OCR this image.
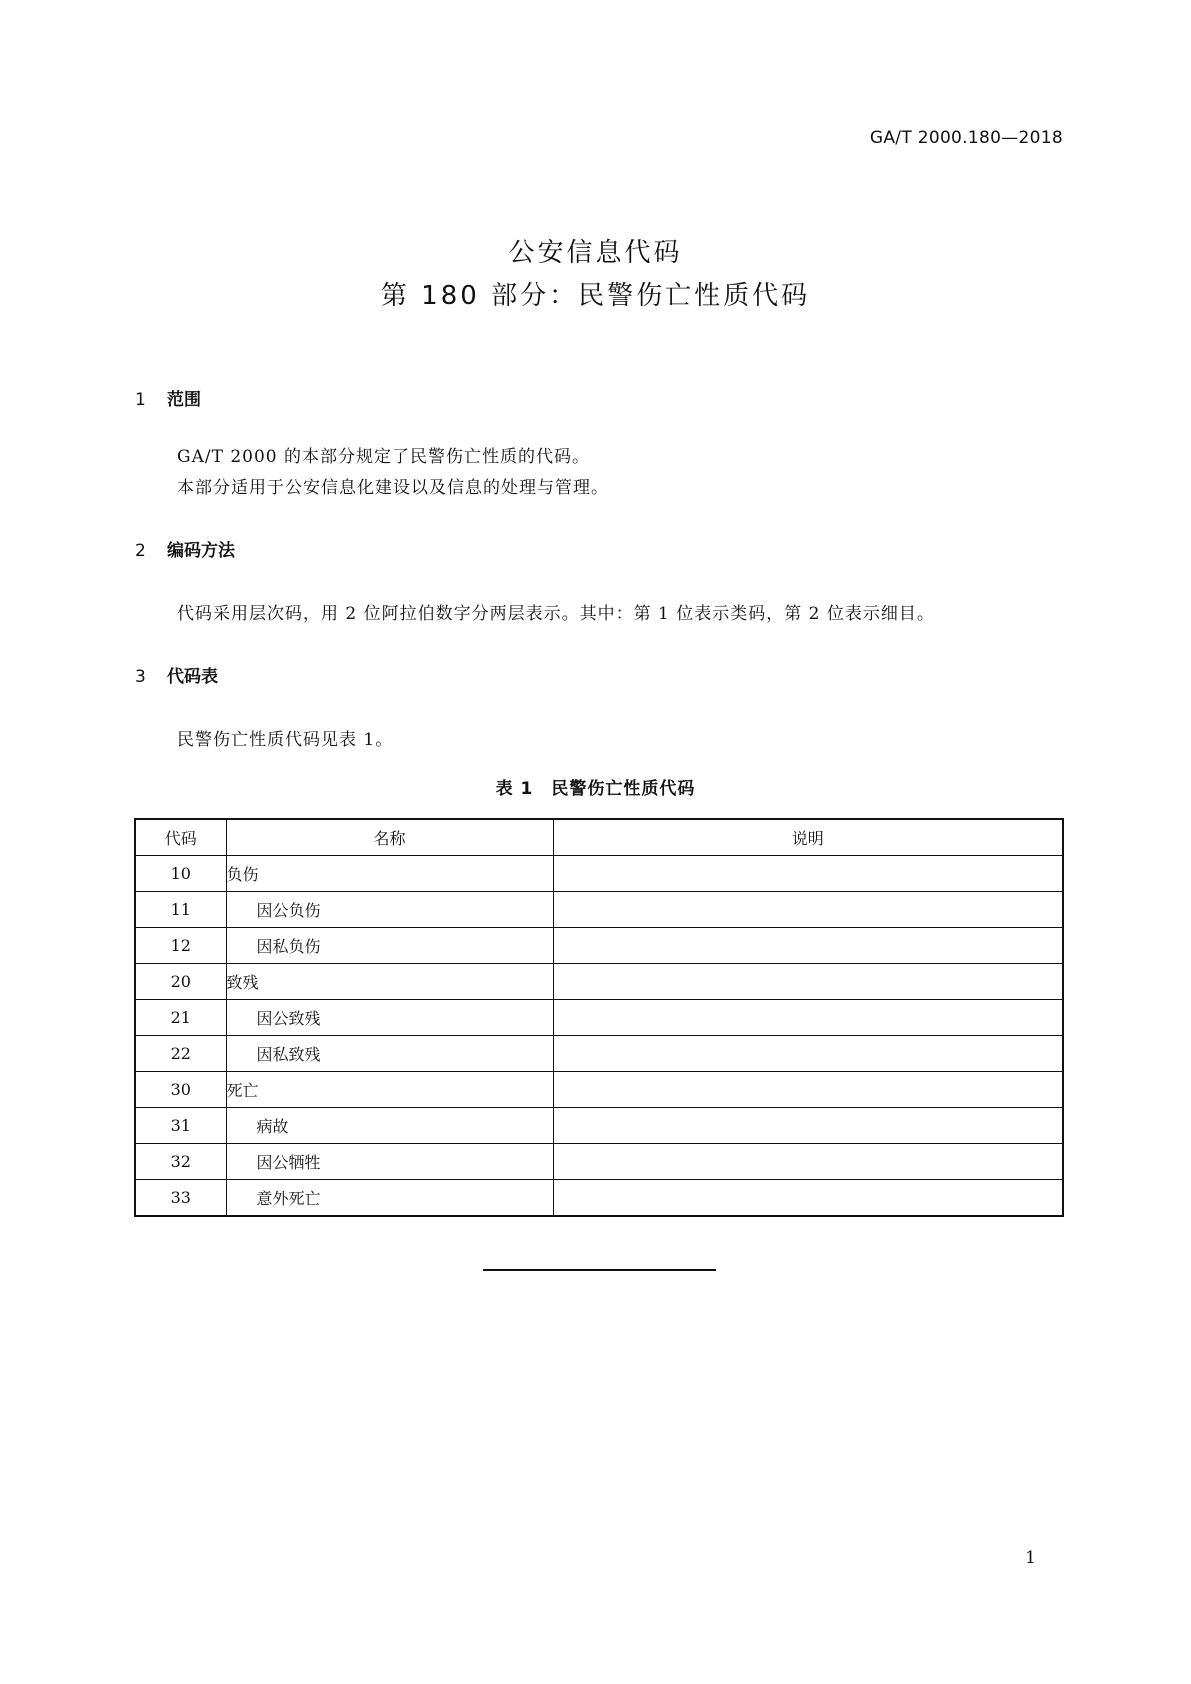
GA/T 2000.180—2018
公安信息代码
第 180 部分：民警伤亡性质代码
1 范围
GA/T 2000 的本部分规定了民警伤亡性质的代码。
本部分适用于公安信息化建设以及信息的处理与管理。
2 编码方法
代码采用层次码，用 2 位阿拉伯数字分两层表示。其中：第 1 位表示类码，第 2 位表示细目。
3 代码表
民警伤亡性质代码见表 1。
表 1 民警伤亡性质代码
代码	名称	说明
10	负伤	
11	因公负伤	
12	因私负伤	
20	致残	
21	因公致残	
22	因私致残	
30	死亡	
31	病故	
32	因公牺牲	
33	意外死亡	
1
